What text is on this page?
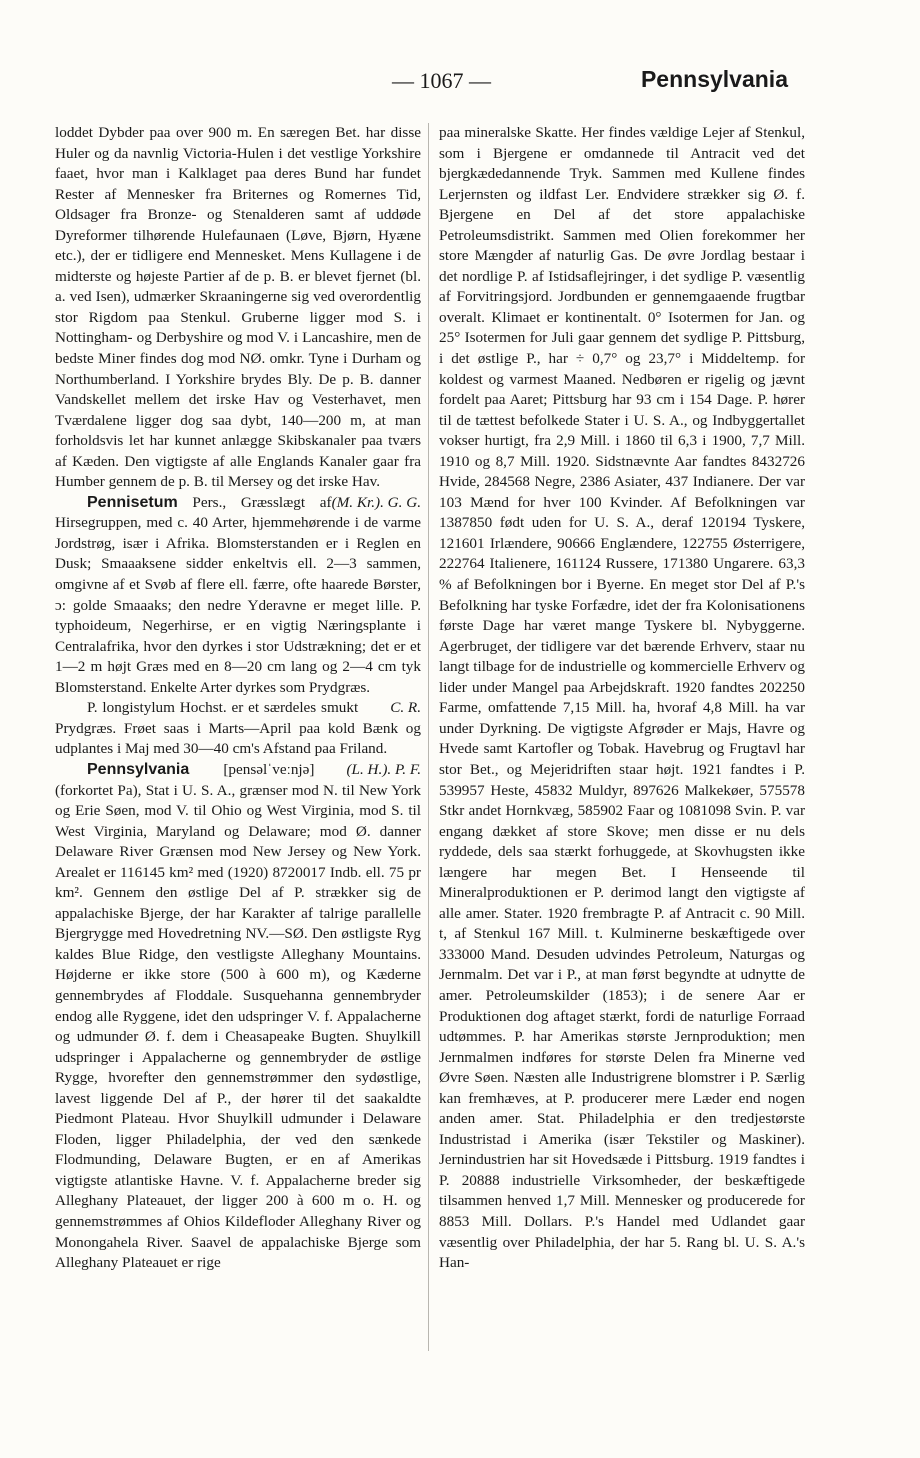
— 1067 —	Pennsylvania

loddet Dybder paa over 900 m. En særegen Bet. har disse Huler og da navnlig Victoria-Hulen i det vestlige Yorkshire faaet, hvor man i Kalklaget paa deres Bund har fundet Rester af Mennesker fra Briternes og Romernes Tid, Oldsager fra Bronze- og Stenalderen samt af uddøde Dyreformer tilhørende Hulefaunaen (Løve, Bjørn, Hyæne etc.), der er tidligere end Mennesket. Mens Kullagene i de midterste og højeste Partier af de p. B. er blevet fjernet (bl. a. ved Isen), udmærker Skraaningerne sig ved overordentlig stor Rigdom paa Stenkul. Gruberne ligger mod S. i Nottingham- og Derbyshire og mod V. i Lancashire, men de bedste Miner findes dog mod NØ. omkr. Tyne i Durham og Northumberland. I Yorkshire brydes Bly. De p. B. danner Vandskellet mellem det irske Hav og Vesterhavet, men Tværdalene ligger dog saa dybt, 140—200 m, at man forholdsvis let har kunnet anlægge Skibskanaler paa tværs af Kæden. Den vigtigste af alle Englands Kanaler gaar fra Humber gennem de p. B. til Mersey og det irske Hav.
(M. Kr.). G. G.

Pennisetum Pers., Græsslægt af Hirsegruppen, med c. 40 Arter, hjemmehørende i de varme Jordstrøg, især i Afrika. Blomsterstanden er i Reglen en Dusk; Smaaaksene sidder enkeltvis ell. 2—3 sammen, omgivne af et Svøb af flere ell. færre, ofte haarede Børster, ɔ: golde Smaaaks; den nedre Yderavne er meget lille. P. typhoideum, Negerhirse, er en vigtig Næringsplante i Centralafrika, hvor den dyrkes i stor Udstrækning; det er et 1—2 m højt Græs med en 8—20 cm lang og 2—4 cm tyk Blomsterstand. Enkelte Arter dyrkes som Prydgræs.
C. R.

P. longistylum Hochst. er et særdeles smukt Prydgræs. Frøet saas i Marts—April paa kold Bænk og udplantes i Maj med 30—40 cm's Afstand paa Friland.
(L. H.). P. F.

Pennsylvania [pensəlˈveːnjə] (forkortet Pa), Stat i U. S. A., grænser mod N. til New York og Erie Søen, mod V. til Ohio og West Virginia, mod S. til West Virginia, Maryland og Delaware; mod Ø. danner Delaware River Grænsen mod New Jersey og New York. Arealet er 116145 km² med (1920) 8720017 Indb. ell. 75 pr km². Gennem den østlige Del af P. strækker sig de appalachiske Bjerge, der har Karakter af talrige parallelle Bjergrygge med Hovedretning NV.—SØ. Den østligste Ryg kaldes Blue Ridge, den vestligste Alleghany Mountains. Højderne er ikke store (500 à 600 m), og Kæderne gennembrydes af Floddale. Susquehanna gennembryder endog alle Ryggene, idet den udspringer V. f. Appalacherne og udmunder Ø. f. dem i Cheasapeake Bugten. Shuylkill udspringer i Appalacherne og gennembryder de østlige Rygge, hvorefter den gennemstrømmer den sydøstlige, lavest liggende Del af P., der hører til det saakaldte Piedmont Plateau. Hvor Shuylkill udmunder i Delaware Floden, ligger Philadelphia, der ved den sænkede Flodmunding, Delaware Bugten, er en af Amerikas vigtigste atlantiske Havne. V. f. Appalacherne breder sig Alleghany Plateauet, der ligger 200 à 600 m o. H. og gennemstrømmes af Ohios Kildefloder Alleghany River og Monongahela River. Saavel de appalachiske Bjerge som Alleghany Plateauet er rige

paa mineralske Skatte. Her findes vældige Lejer af Stenkul, som i Bjergene er omdannede til Antracit ved det bjergkædedannende Tryk. Sammen med Kullene findes Lerjernsten og ildfast Ler. Endvidere strækker sig Ø. f. Bjergene en Del af det store appalachiske Petroleumsdistrikt. Sammen med Olien forekommer her store Mængder af naturlig Gas. De øvre Jordlag bestaar i det nordlige P. af Istidsaflejringer, i det sydlige P. væsentlig af Forvitringsjord. Jordbunden er gennemgaaende frugtbar overalt. Klimaet er kontinentalt. 0° Isotermen for Jan. og 25° Isotermen for Juli gaar gennem det sydlige P. Pittsburg, i det østlige P., har ÷ 0,7° og 23,7° i Middeltemp. for koldest og varmest Maaned. Nedbøren er rigelig og jævnt fordelt paa Aaret; Pittsburg har 93 cm i 154 Dage. P. hører til de tættest befolkede Stater i U. S. A., og Indbyggertallet vokser hurtigt, fra 2,9 Mill. i 1860 til 6,3 i 1900, 7,7 Mill. 1910 og 8,7 Mill. 1920. Sidstnævnte Aar fandtes 8432726 Hvide, 284568 Negre, 2386 Asiater, 437 Indianere. Der var 103 Mænd for hver 100 Kvinder. Af Befolkningen var 1387850 født uden for U. S. A., deraf 120194 Tyskere, 121601 Irlændere, 90666 Englændere, 122755 Østerrigere, 222764 Italienere, 161124 Russere, 171380 Ungarere. 63,3 % af Befolkningen bor i Byerne. En meget stor Del af P.'s Befolkning har tyske Forfædre, idet der fra Kolonisationens første Dage har været mange Tyskere bl. Nybyggerne. Agerbruget, der tidligere var det bærende Erhverv, staar nu langt tilbage for de industrielle og kommercielle Erhverv og lider under Mangel paa Arbejdskraft. 1920 fandtes 202250 Farme, omfattende 7,15 Mill. ha, hvoraf 4,8 Mill. ha var under Dyrkning. De vigtigste Afgrøder er Majs, Havre og Hvede samt Kartofler og Tobak. Havebrug og Frugtavl har stor Bet., og Mejeridriften staar højt. 1921 fandtes i P. 539957 Heste, 45832 Muldyr, 897626 Malkekøer, 575578 Stkr andet Hornkvæg, 585902 Faar og 1081098 Svin. P. var engang dækket af store Skove; men disse er nu dels ryddede, dels saa stærkt forhuggede, at Skovhugsten ikke længere har megen Bet. I Henseende til Mineralproduktionen er P. derimod langt den vigtigste af alle amer. Stater. 1920 frembragte P. af Antracit c. 90 Mill. t, af Stenkul 167 Mill. t. Kulminerne beskæftigede over 333000 Mand. Desuden udvindes Petroleum, Naturgas og Jernmalm. Det var i P., at man først begyndte at udnytte de amer. Petroleumskilder (1853); i de senere Aar er Produktionen dog aftaget stærkt, fordi de naturlige Forraad udtømmes. P. har Amerikas største Jernproduktion; men Jernmalmen indføres for største Delen fra Minerne ved Øvre Søen. Næsten alle Industrigrene blomstrer i P. Særlig kan fremhæves, at P. producerer mere Læder end nogen anden amer. Stat. Philadelphia er den tredjestørste Industristad i Amerika (især Tekstiler og Maskiner). Jernindustrien har sit Hovedsæde i Pittsburg. 1919 fandtes i P. 20888 industrielle Virksomheder, der beskæftigede tilsammen henved 1,7 Mill. Mennesker og producerede for 8853 Mill. Dollars. P.'s Handel med Udlandet gaar væsentlig over Philadelphia, der har 5. Rang bl. U. S. A.'s Han-
